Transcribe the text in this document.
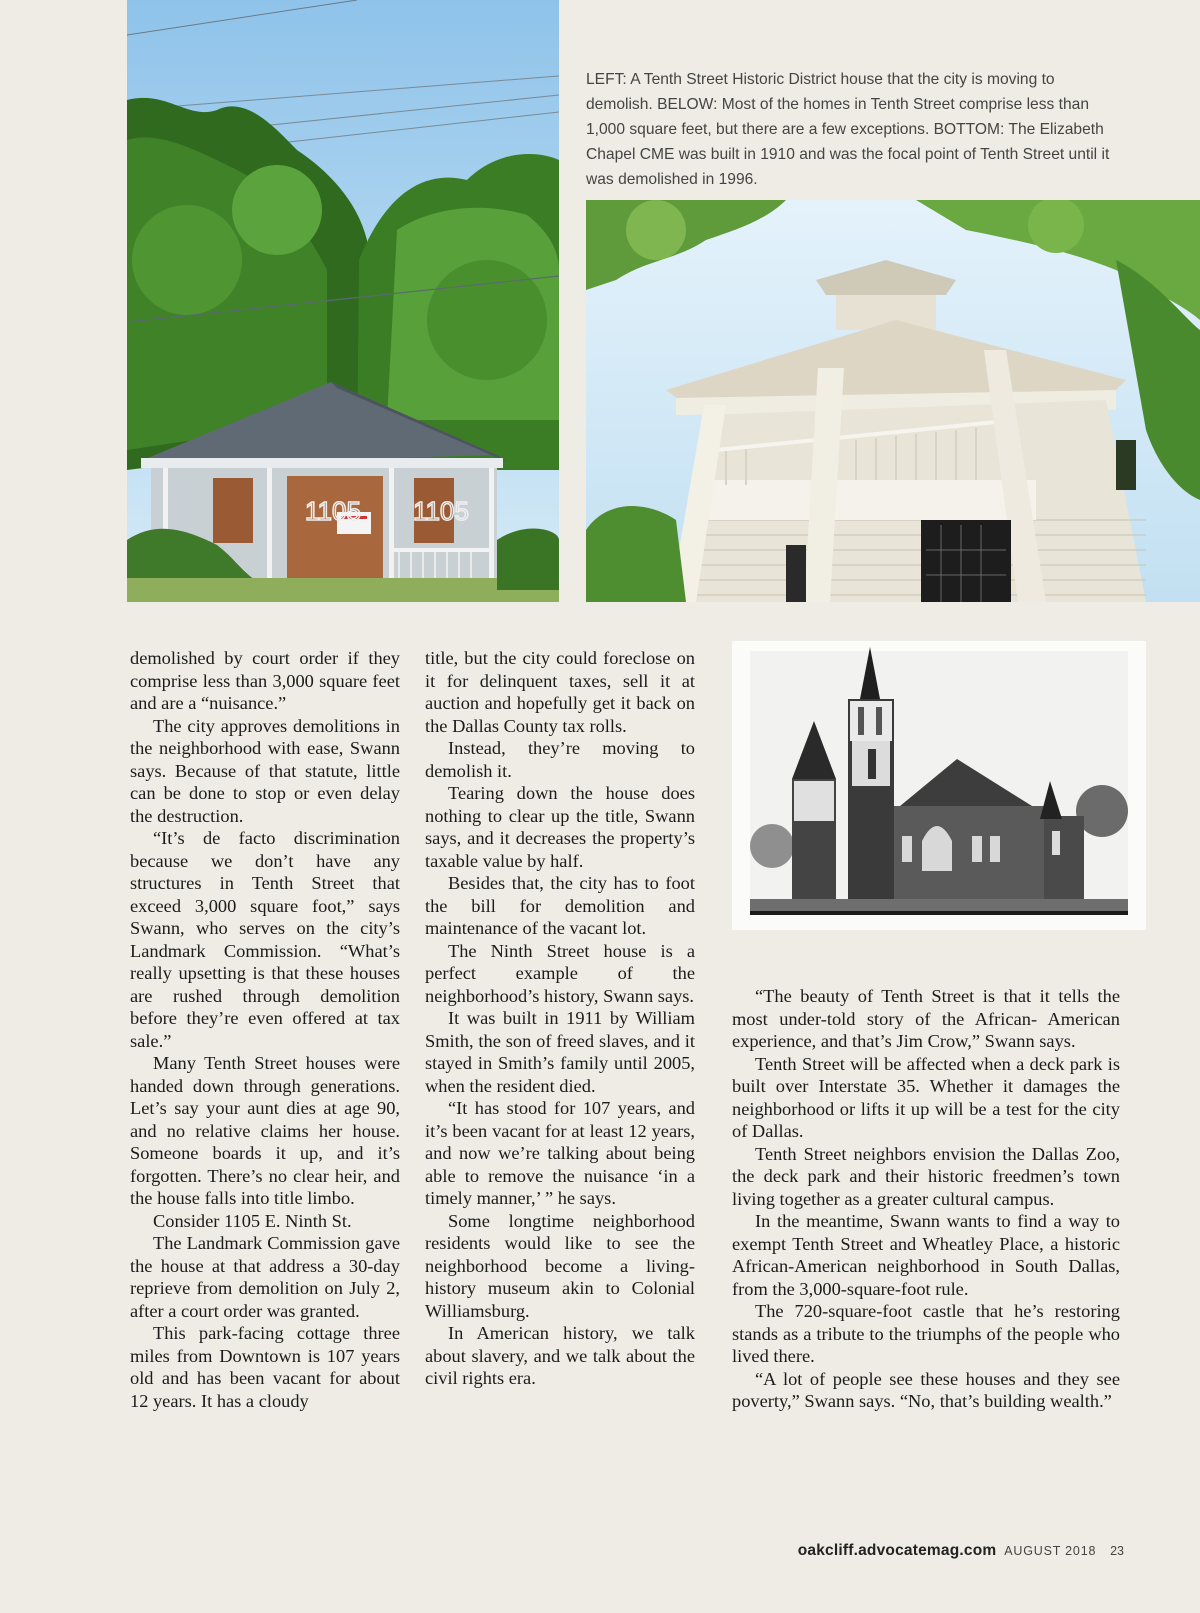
1105 1105
LEFT: A Tenth Street Historic District house that the city is moving to demolish. BELOW: Most of the homes in Tenth Street comprise less than 1,000 square feet, but there are a few exceptions. BOTTOM: The Elizabeth Chapel CME was built in 1910 and was the focal point of Tenth Street until it was demolished in 1996.

demolished by court order if they comprise less than 3,000 square feet and are a “nuisance.”

The city approves demolitions in the neighborhood with ease, Swann says. Because of that statute, little can be done to stop or even delay the destruction.

“It’s de facto discrimination because we don’t have any structures in Tenth Street that exceed 3,000 square foot,” says Swann, who serves on the city’s Landmark Commission. “What’s really upsetting is that these houses are rushed through demolition before they’re even offered at tax sale.”

Many Tenth Street houses were handed down through generations. Let’s say your aunt dies at age 90, and no relative claims her house. Someone boards it up, and it’s forgotten. There’s no clear heir, and the house falls into title limbo.

Consider 1105 E. Ninth St.

The Landmark Commission gave the house at that address a 30-day reprieve from demolition on July 2, after a court order was granted.

This park-facing cottage three miles from Downtown is 107 years old and has been vacant for about 12 years. It has a cloudy

title, but the city could foreclose on it for delinquent taxes, sell it at auction and hopefully get it back on the Dallas County tax rolls.

Instead, they’re moving to demolish it.

Tearing down the house does nothing to clear up the title, Swann says, and it decreases the property’s taxable value by half.

Besides that, the city has to foot the bill for demolition and maintenance of the vacant lot.

The Ninth Street house is a perfect example of the neighborhood’s history, Swann says.

It was built in 1911 by William Smith, the son of freed slaves, and it stayed in Smith’s family until 2005, when the resident died.

“It has stood for 107 years, and it’s been vacant for at least 12 years, and now we’re talking about being able to remove the nuisance ‘in a timely manner,’ ” he says.

Some longtime neighborhood residents would like to see the neighborhood become a living-history museum akin to Colonial Williamsburg.

In American history, we talk about slavery, and we talk about the civil rights era.

“The beauty of Tenth Street is that it tells the most under-told story of the African- American experience, and that’s Jim Crow,” Swann says.

Tenth Street will be affected when a deck park is built over Interstate 35. Whether it damages the neighborhood or lifts it up will be a test for the city of Dallas.

Tenth Street neighbors envision the Dallas Zoo, the deck park and their historic freedmen’s town living together as a greater cultural campus.

In the meantime, Swann wants to find a way to exempt Tenth Street and Wheatley Place, a historic African-American neighborhood in South Dallas, from the 3,000-square-foot rule.

The 720-square-foot castle that he’s restoring stands as a tribute to the triumphs of the people who lived there.

“A lot of people see these houses and they see poverty,” Swann says. “No, that’s building wealth.”

oakcliff.advocatemag.com AUGUST 2018 23
